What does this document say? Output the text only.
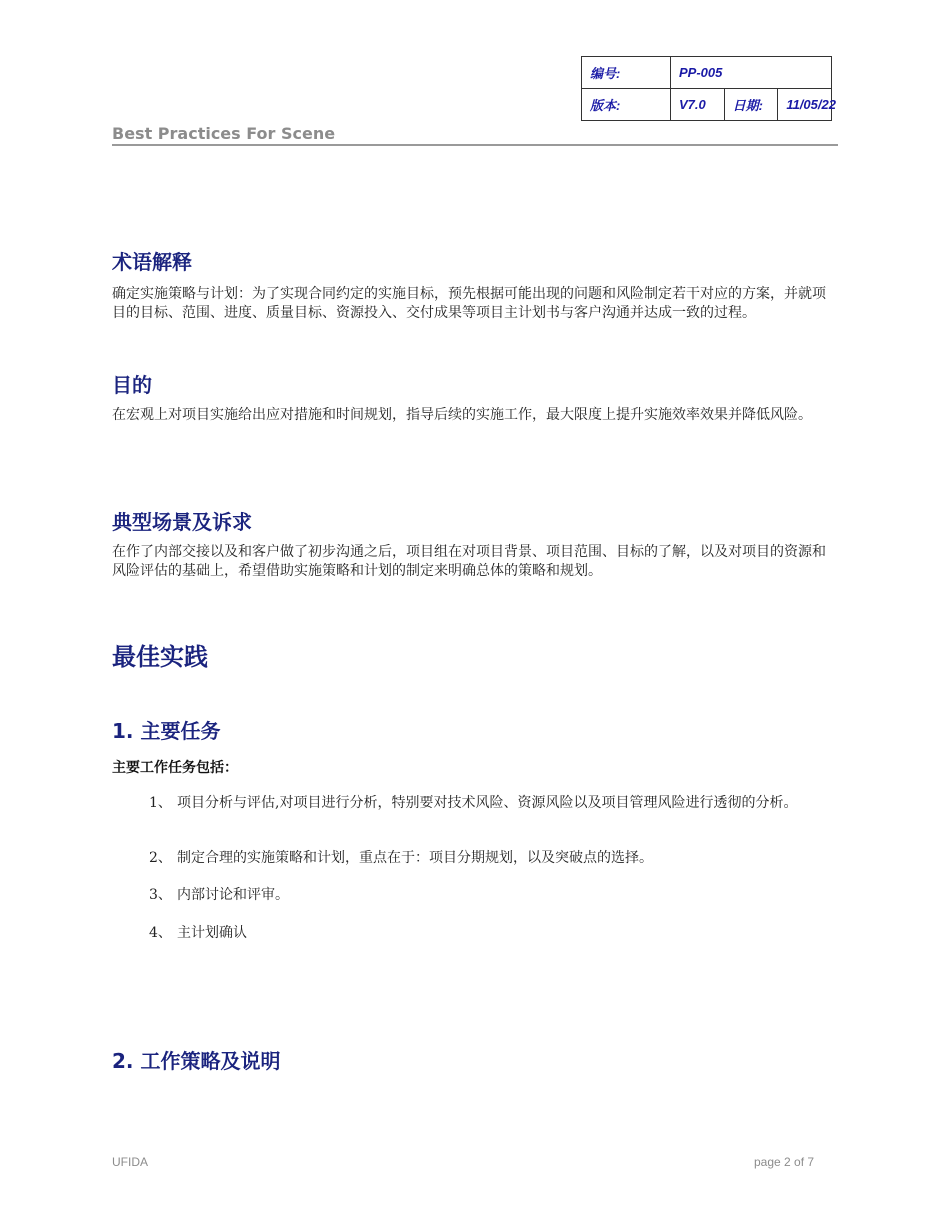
编号:	PP-005		
版本:	V7.0	日期:	11/05/22
Best Practices For Scene
术语解释

确定实施策略与计划：为了实现合同约定的实施目标，预先根据可能出现的问题和风险制定若干对应的方案，并就项目的目标、范围、进度、质量目标、资源投入、交付成果等项目主计划书与客户沟通并达成一致的过程。

目的

在宏观上对项目实施给出应对措施和时间规划，指导后续的实施工作，最大限度上提升实施效率效果并降低风险。

典型场景及诉求

在作了内部交接以及和客户做了初步沟通之后，项目组在对项目背景、项目范围、目标的了解，以及对项目的资源和风险评估的基础上，希望借助实施策略和计划的制定来明确总体的策略和规划。

最佳实践
1. 主要任务
主要工作任务包括：
1、 项目分析与评估,对项目进行分析，特别要对技术风险、资源风险以及项目管理风险进行透彻的分析。
2、 制定合理的实施策略和计划，重点在于：项目分期规划，以及突破点的选择。
3、 内部讨论和评审。
4、 主计划确认
2. 工作策略及说明
UFIDA	page 2 of 7
